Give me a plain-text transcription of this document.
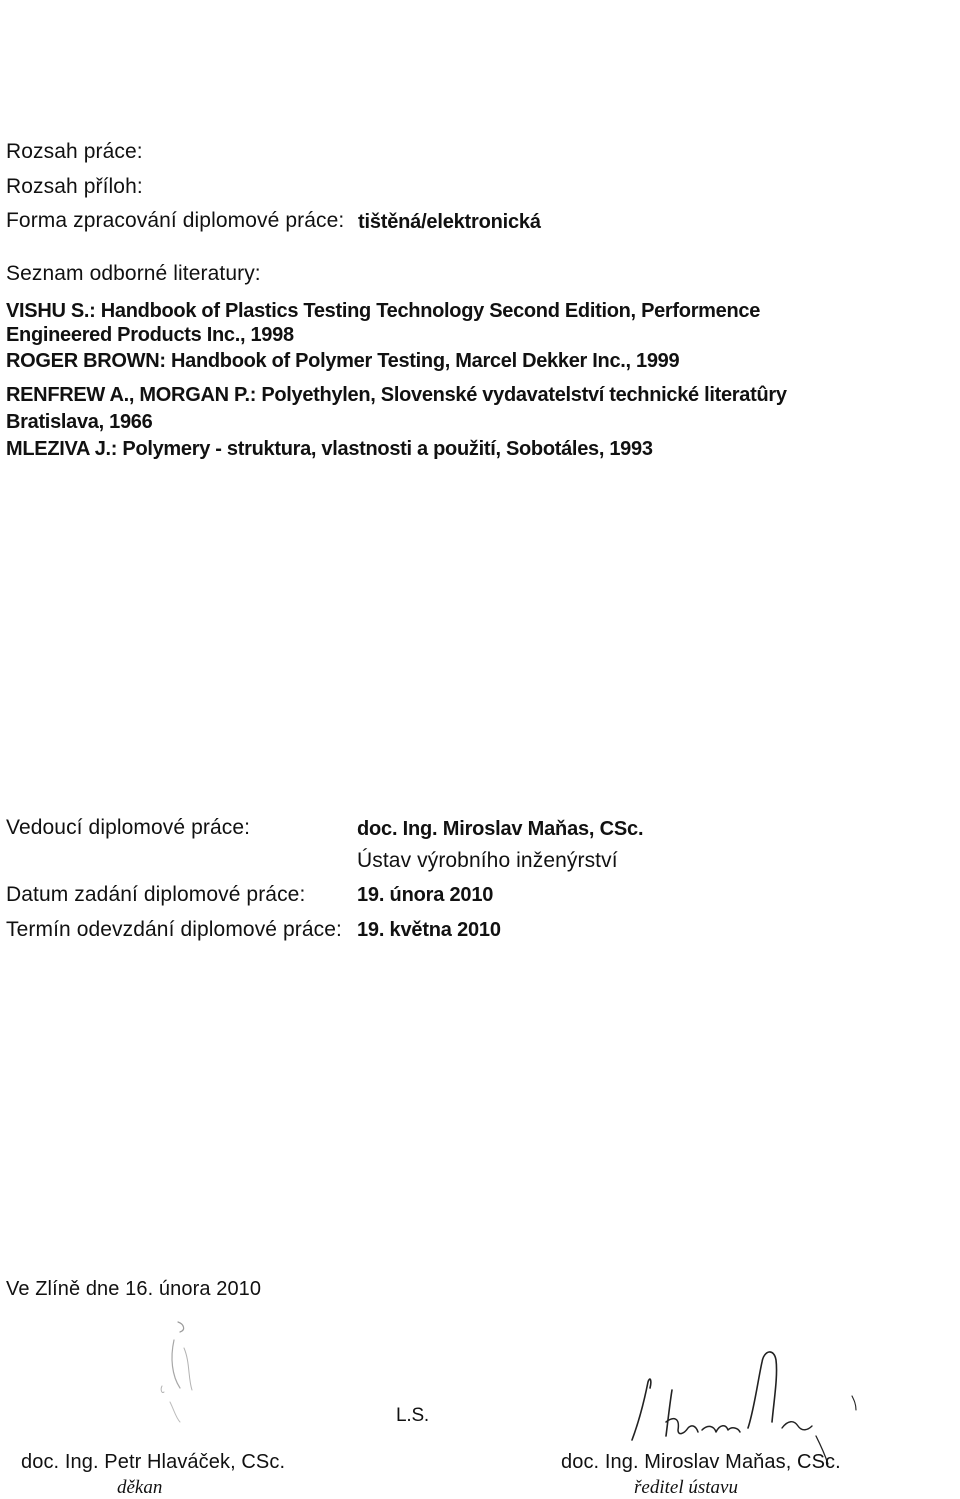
Rozsah práce:
Rozsah příloh:
Forma zpracování diplomové práce: tištěná/elektronická
Seznam odborné literatury:
VISHU S.: Handbook of Plastics Testing Technology Second Edition, Performence
Engineered Products Inc., 1998
ROGER BROWN: Handbook of Polymer Testing, Marcel Dekker Inc., 1999
RENFREW A., MORGAN P.: Polyethylen, Slovenské vydavatelství technické literatûry
Bratislava, 1966
MLEZIVA J.: Polymery - struktura, vlastnosti a použití, Sobotáles, 1993
Vedoucí diplomové práce:	doc. Ing. Miroslav Maňas, CSc.
Ústav výrobního inženýrství
Datum zadání diplomové práce:	19. února 2010
Termín odevzdání diplomové práce: 19. května 2010
Ve Zlíně dne 16. února 2010
L.S.
doc. Ing. Petr Hlaváček, CSc.
děkan
doc. Ing. Miroslav Maňas, CSc.
ředitel ústavu
